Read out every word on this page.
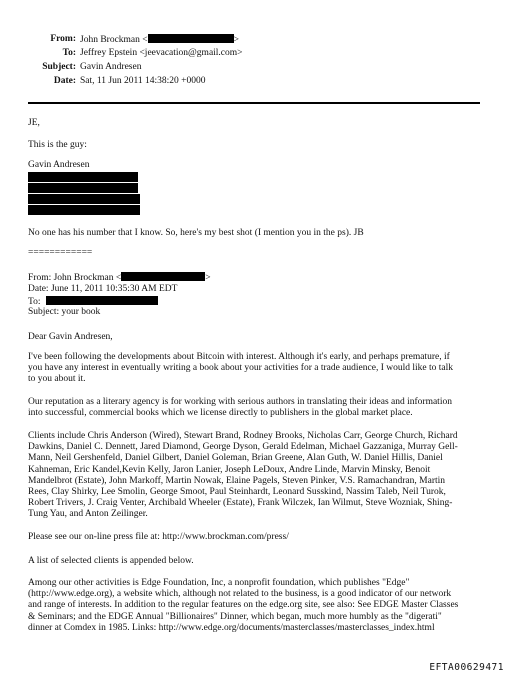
From: John Brockman <	>
To: Jeffrey Epstein <jeevacation@gmail.com>
Subject: Gavin Andresen
Date: Sat, 11 Jun 2011 14:38:20 +0000
JE,
This is the guy:
Gavin Andresen
No one has his number that I know. So, here's my best shot (I mention you in the ps). JB
============
From: John Brockman <	>
Date: June 11, 2011 10:35:30 AM EDT
To:
Subject: your book
Dear Gavin Andresen,
I've been following the developments about Bitcoin with interest. Although it's early, and perhaps premature, if
you have any interest in eventually writing a book about your activities for a trade audience, I would like to talk
to you about it.
Our reputation as a literary agency is for working with serious authors in translating their ideas and information
into successful, commercial books which we license directly to publishers in the global market place.
Clients include Chris Anderson (Wired), Stewart Brand, Rodney Brooks, Nicholas Carr, George Church, Richard
Dawkins, Daniel C. Dennett, Jared Diamond, George Dyson, Gerald Edelman, Michael Gazzaniga, Murray Gell-
Mann, Neil Gershenfeld, Daniel Gilbert, Daniel Goleman, Brian Greene, Alan Guth, W. Daniel Hillis, Daniel
Kahneman, Eric Kandel,Kevin Kelly, Jaron Lanier, Joseph LeDoux, Andre Linde, Marvin Minsky, Benoit
Mandelbrot (Estate), John Markoff, Martin Nowak, Elaine Pagels, Steven Pinker, V.S. Ramachandran, Martin
Rees, Clay Shirky, Lee Smolin, George Smoot, Paul Steinhardt, Leonard Susskind, Nassim Taleb, Neil Turok,
Robert Trivers, J. Craig Venter, Archibald Wheeler (Estate), Frank Wilczek, Ian Wilmut, Steve Wozniak, Shing-
Tung Yau, and Anton Zeilinger.
Please see our on-line press file at: http://www.brockman.com/press/
A list of selected clients is appended below.
Among our other activities is Edge Foundation, Inc, a nonprofit foundation, which publishes "Edge"
(http://www.edge.org), a website which, although not related to the business, is a good indicator of our network
and range of interests. In addition to the regular features on the edge.org site, see also: See EDGE Master Classes
& Seminars; and the EDGE Annual "Billionaires" Dinner, which began, much more humbly as the "digerati"
dinner at Comdex in 1985. Links: http://www.edge.org/documents/masterclasses/masterclasses_index.html
EFTA00629471
